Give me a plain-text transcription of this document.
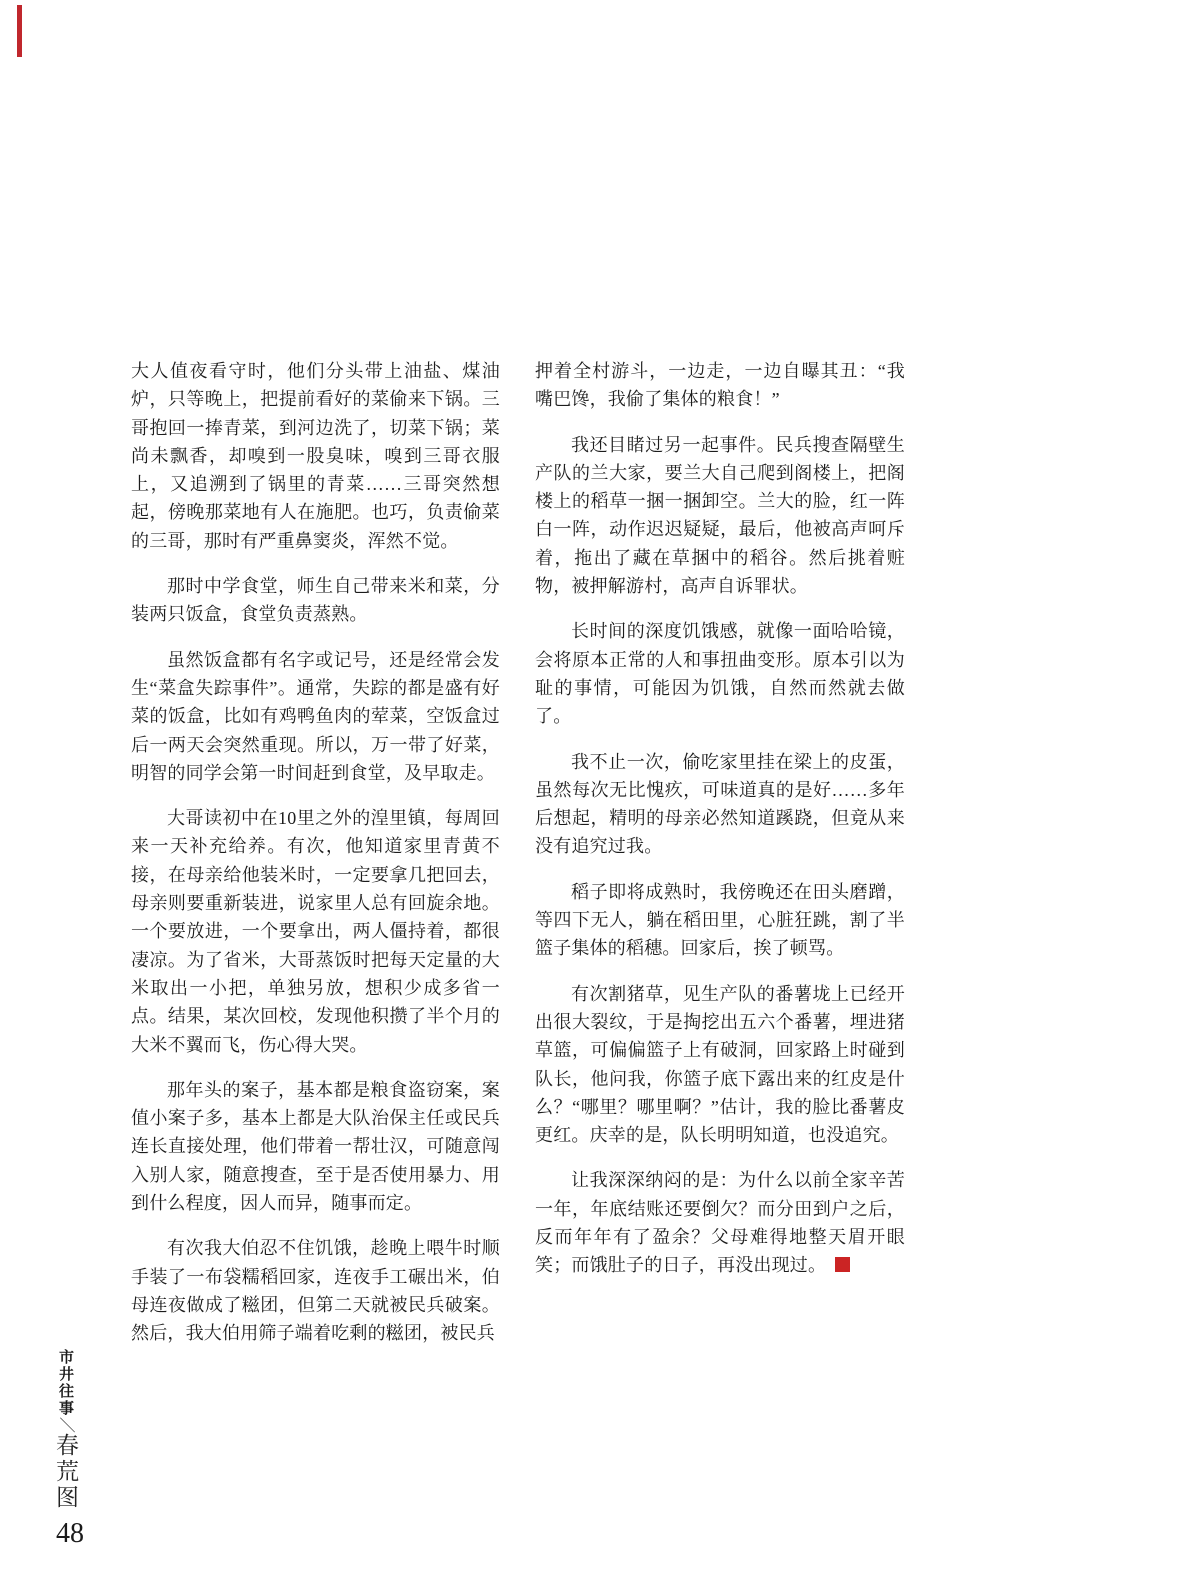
大人值夜看守时，他们分头带上油盐、煤油炉，只等晚上，把提前看好的菜偷来下锅。三哥抱回一捧青菜，到河边洗了，切菜下锅；菜尚未飘香，却嗅到一股臭味，嗅到三哥衣服上，又追溯到了锅里的青菜……三哥突然想起，傍晚那菜地有人在施肥。也巧，负责偷菜的三哥，那时有严重鼻窦炎，浑然不觉。

那时中学食堂，师生自己带来米和菜，分装两只饭盒，食堂负责蒸熟。

虽然饭盒都有名字或记号，还是经常会发生“菜盒失踪事件”。通常，失踪的都是盛有好菜的饭盒，比如有鸡鸭鱼肉的荤菜，空饭盒过后一两天会突然重现。所以，万一带了好菜，明智的同学会第一时间赶到食堂，及早取走。

大哥读初中在10里之外的湟里镇，每周回来一天补充给养。有次，他知道家里青黄不接，在母亲给他装米时，一定要拿几把回去，母亲则要重新装进，说家里人总有回旋余地。一个要放进，一个要拿出，两人僵持着，都很凄凉。为了省米，大哥蒸饭时把每天定量的大米取出一小把，单独另放，想积少成多省一点。结果，某次回校，发现他积攒了半个月的大米不翼而飞，伤心得大哭。

那年头的案子，基本都是粮食盗窃案，案值小案子多，基本上都是大队治保主任或民兵连长直接处理，他们带着一帮壮汉，可随意闯入别人家，随意搜查，至于是否使用暴力、用到什么程度，因人而异，随事而定。

有次我大伯忍不住饥饿，趁晚上喂牛时顺手装了一布袋糯稻回家，连夜手工碾出米，伯母连夜做成了糍团，但第二天就被民兵破案。然后，我大伯用筛子端着吃剩的糍团，被民兵

押着全村游斗，一边走，一边自曝其丑：“我嘴巴馋，我偷了集体的粮食！”

我还目睹过另一起事件。民兵搜查隔壁生产队的兰大家，要兰大自己爬到阁楼上，把阁楼上的稻草一捆一捆卸空。兰大的脸，红一阵白一阵，动作迟迟疑疑，最后，他被高声呵斥着，拖出了藏在草捆中的稻谷。然后挑着赃物，被押解游村，高声自诉罪状。

长时间的深度饥饿感，就像一面哈哈镜，会将原本正常的人和事扭曲变形。原本引以为耻的事情，可能因为饥饿，自然而然就去做了。

我不止一次，偷吃家里挂在梁上的皮蛋，虽然每次无比愧疚，可味道真的是好……多年后想起，精明的母亲必然知道蹊跷，但竟从来没有追究过我。

稻子即将成熟时，我傍晚还在田头磨蹭，等四下无人，躺在稻田里，心脏狂跳，割了半篮子集体的稻穗。回家后，挨了顿骂。

有次割猪草，见生产队的番薯垅上已经开出很大裂纹，于是掏挖出五六个番薯，埋进猪草篮，可偏偏篮子上有破洞，回家路上时碰到队长，他问我，你篮子底下露出来的红皮是什么？“哪里？哪里啊？”估计，我的脸比番薯皮更红。庆幸的是，队长明明知道，也没追究。

让我深深纳闷的是：为什么以前全家辛苦一年，年底结账还要倒欠？而分田到户之后，反而年年有了盈余？父母难得地整天眉开眼笑；而饿肚子的日子，再没出现过。

市井往事＼春荒图
48
